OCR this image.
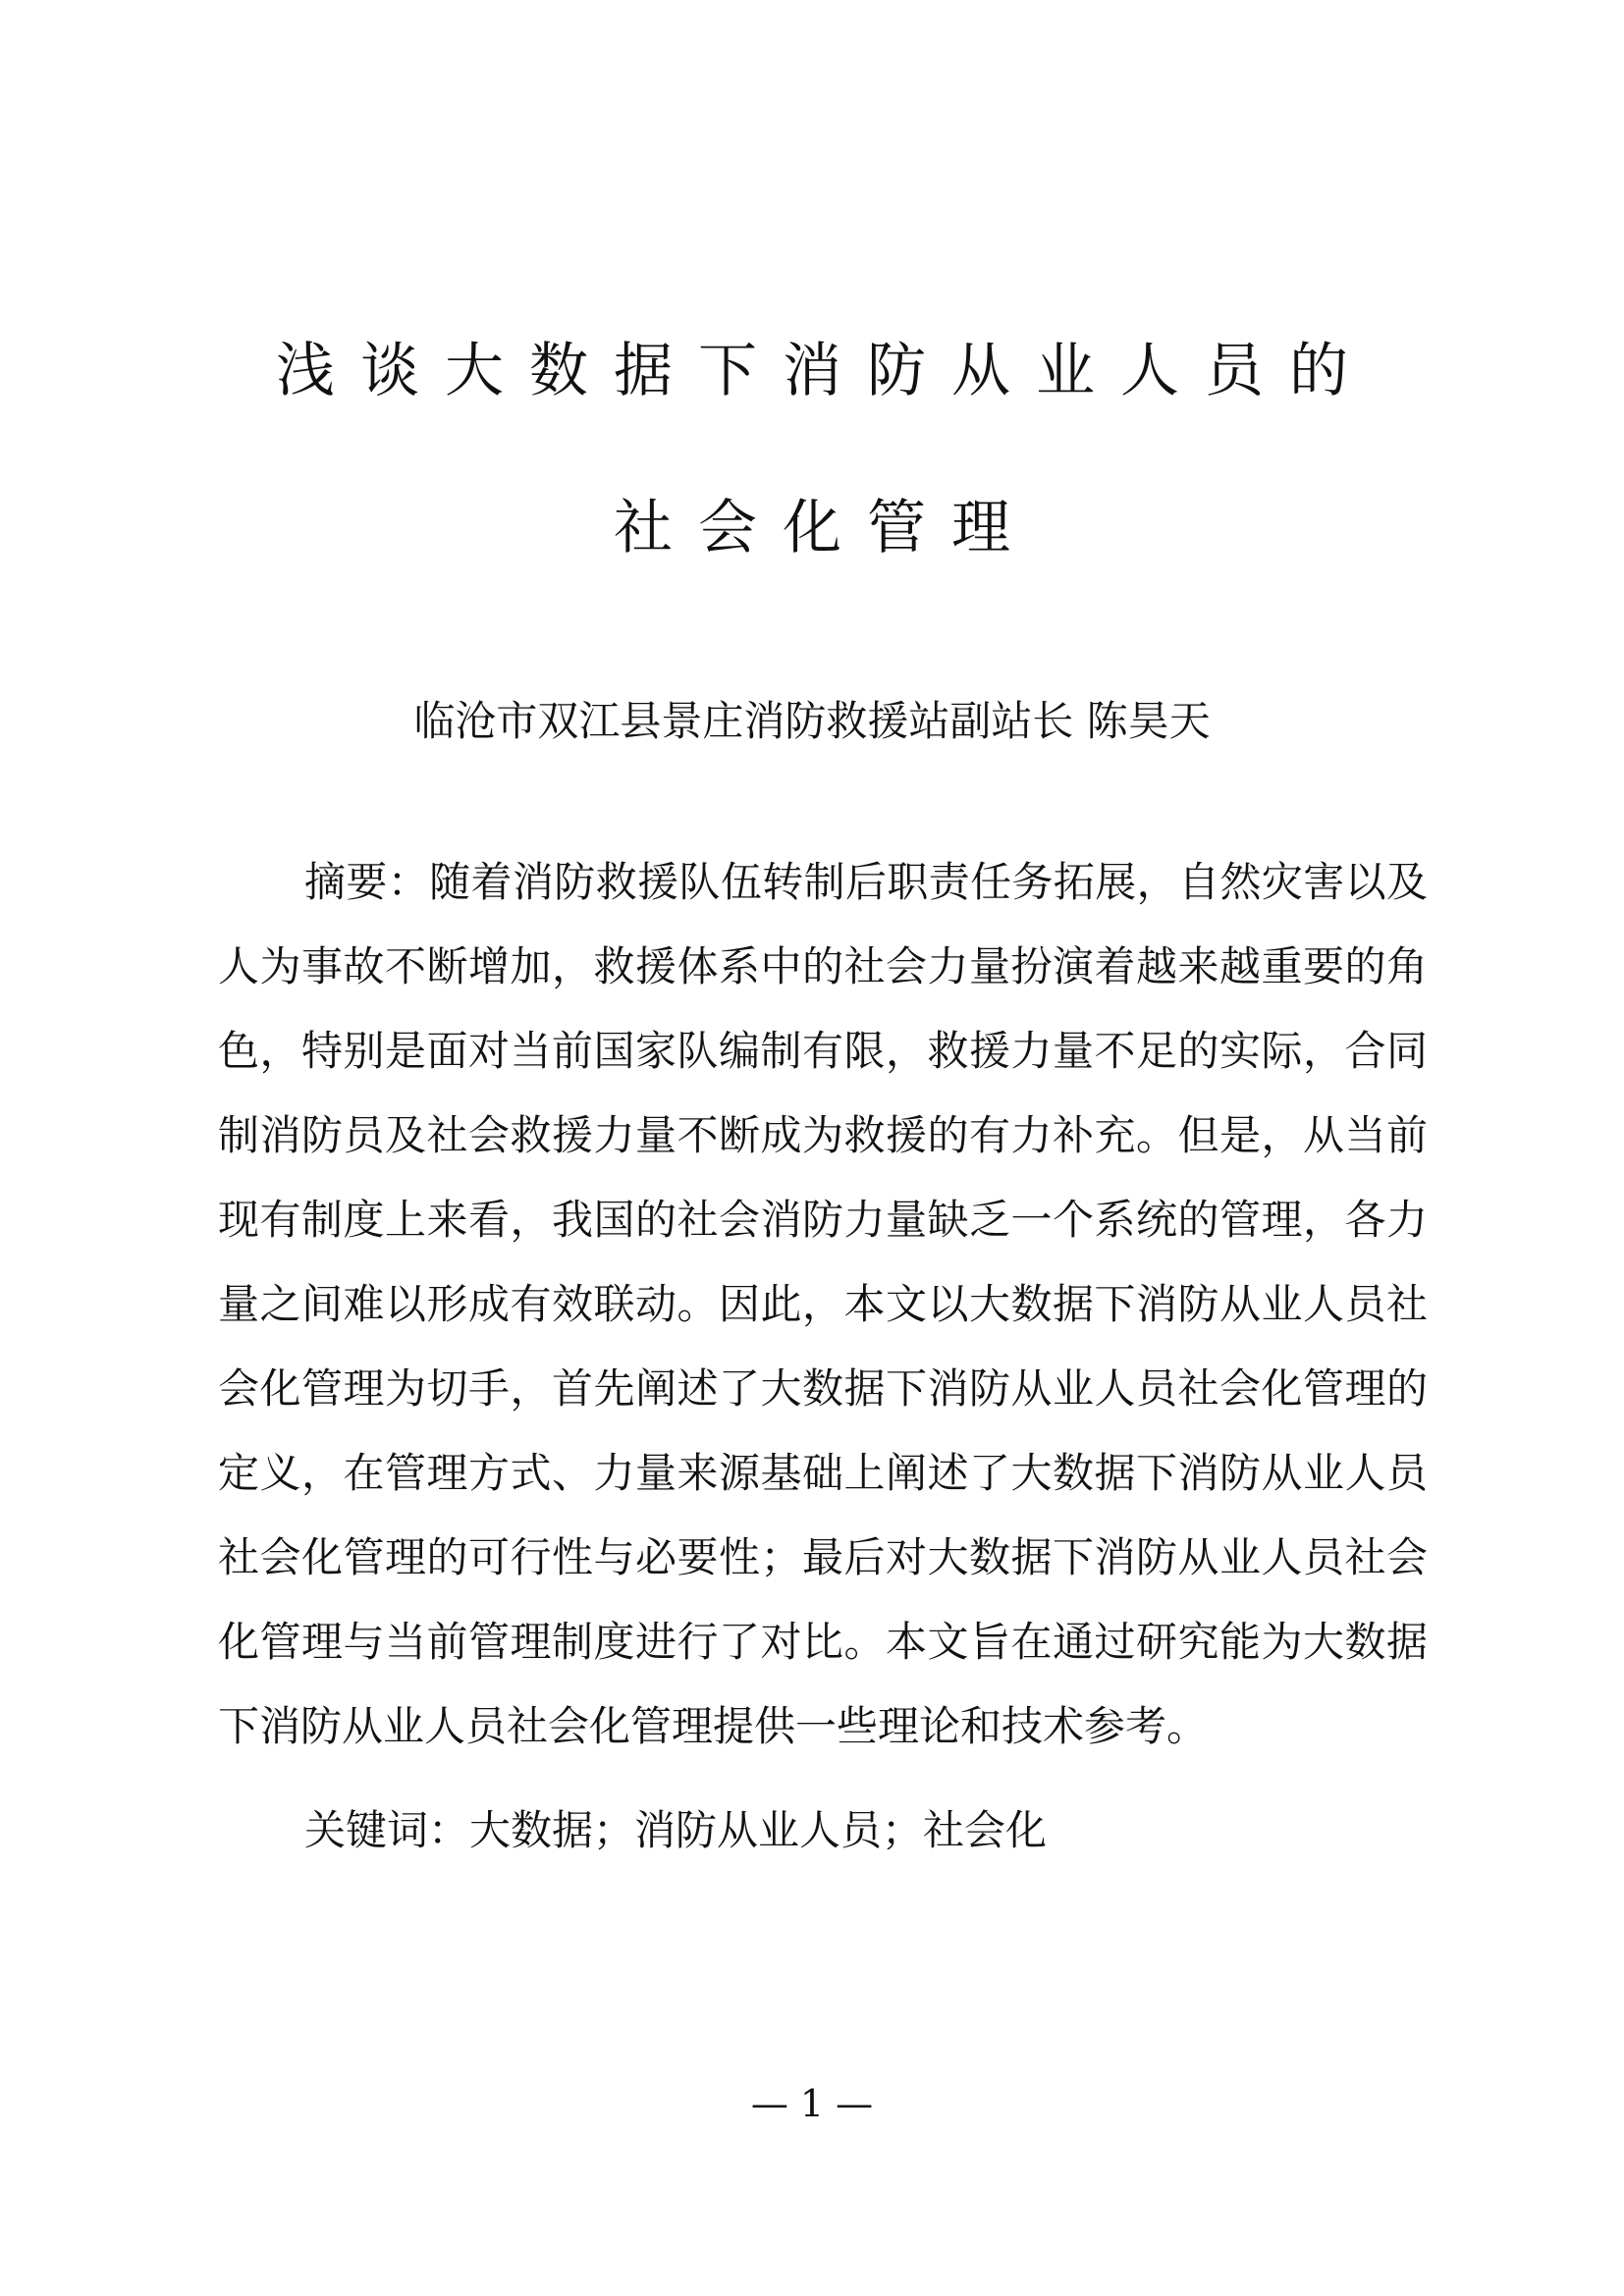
浅谈大数据下消防从业人员的
社会化管理
临沧市双江县景庄消防救援站副站长 陈昊天

摘要：随着消防救援队伍转制后职责任务拓展，自然灾害以及人为事故不断增加，救援体系中的社会力量扮演着越来越重要的角色，特别是面对当前国家队编制有限，救援力量不足的实际，合同制消防员及社会救援力量不断成为救援的有力补充。但是，从当前现有制度上来看，我国的社会消防力量缺乏一个系统的管理，各力量之间难以形成有效联动。因此，本文以大数据下消防从业人员社会化管理为切手，首先阐述了大数据下消防从业人员社会化管理的定义，在管理方式、力量来源基础上阐述了大数据下消防从业人员社会化管理的可行性与必要性；最后对大数据下消防从业人员社会化管理与当前管理制度进行了对比。本文旨在通过研究能为大数据下消防从业人员社会化管理提供一些理论和技术参考。

关键词：大数据；消防从业人员；社会化

— 1 —
